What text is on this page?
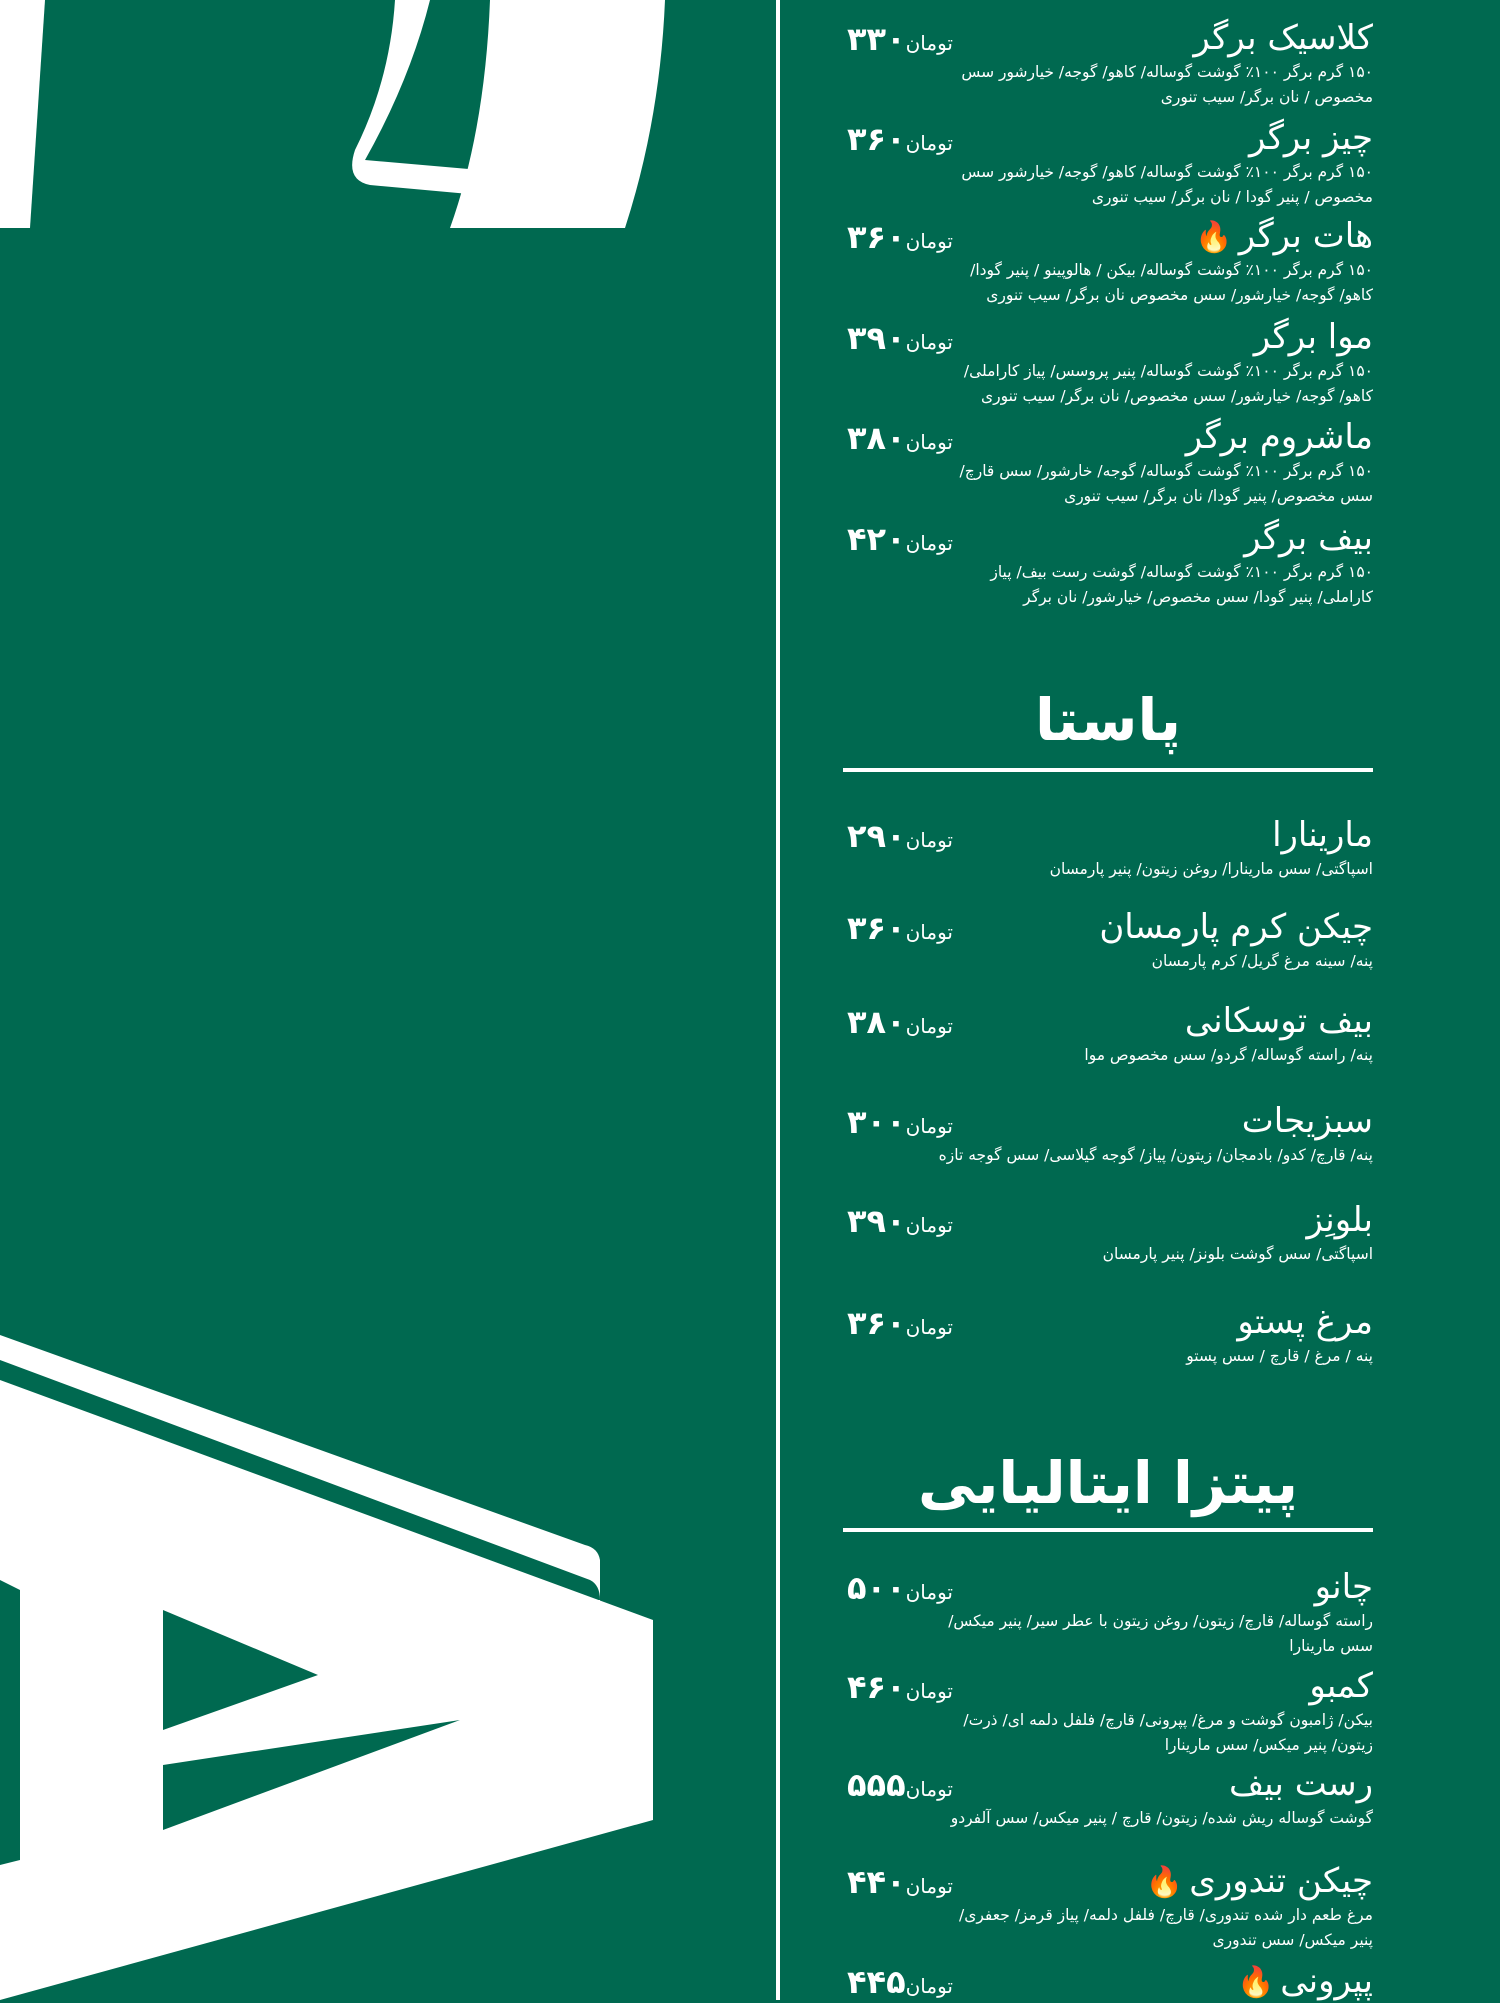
کلاسیک برگر
۱۵۰ گرم برگر ۱۰۰٪ گوشت گوساله/ کاهو/ گوجه/ خیارشور سس مخصوص / نان برگر/ سیب تنوری
تومان۳۳۰
چیز برگر
۱۵۰ گرم برگر ۱۰۰٪ گوشت گوساله/ کاهو/ گوجه/ خیارشور سس مخصوص / پنیر گودا / نان برگر/ سیب تنوری
تومان۳۶۰
هات برگر🔥
۱۵۰ گرم برگر ۱۰۰٪ گوشت گوساله/ بیکن / هالوپینو / پنیر گودا/ کاهو/ گوجه/ خیارشور/ سس مخصوص نان برگر/ سیب تنوری
تومان۳۶۰
موا برگر
۱۵۰ گرم برگر ۱۰۰٪ گوشت گوساله/ پنیر پروسس/ پیاز کاراملی/ کاهو/ گوجه/ خیارشور/ سس مخصوص/ نان برگر/ سیب تنوری
تومان۳۹۰
ماشروم برگر
۱۵۰ گرم برگر ۱۰۰٪ گوشت گوساله/ گوجه/ خارشور/ سس قارچ/ سس مخصوص/ پنیر گودا/ نان برگر/ سیب تنوری
تومان۳۸۰
بیف برگر
۱۵۰ گرم برگر ۱۰۰٪ گوشت گوساله/ گوشت رست بیف/ پیاز کاراملی/ پنیر گودا/ سس مخصوص/ خیارشور/ نان برگر
تومان۴۲۰
پاستا
مارینارا
اسپاگتی/ سس مارینارا/ روغن زیتون/ پنیر پارمسان
تومان۲۹۰
چیکن کرم پارمسان
پنه/ سینه مرغ گریل/ کرم پارمسان
تومان۳۶۰
بیف توسکانی
پنه/ راسته گوساله/ گردو/ سس مخصوص موا
تومان۳۸۰
سبزیجات
پنه/ قارچ/ کدو/ بادمجان/ زیتون/ پیاز/ گوجه گیلاسی/ سس گوجه تازه
تومان۳۰۰
بلونِز
اسپاگتی/ سس گوشت بلونز/ پنیر پارمسان
تومان۳۹۰
مرغ پستو
پنه / مرغ / قارچ / سس پستو
تومان۳۶۰
پیتزا ایتالیایی
چانو
راسته گوساله/ قارچ/ زیتون/ روغن زیتون با عطر سیر/ پنیر میکس/ سس مارینارا
تومان۵۰۰
کمبو
بیکن/ ژامبون گوشت و مرغ/ پپرونی/ قارچ/ فلفل دلمه ای/ ذرت/ زیتون/ پنیر میکس/ سس مارینارا
تومان۴۶۰
رست بیف
گوشت گوساله ریش شده/ زیتون/ قارچ / پنیر میکس/ سس آلفردو
تومان۵۵۵
چیکن تندوری🔥
مرغ طعم دار شده تندوری/ قارچ/ فلفل دلمه/ پیاز قرمز/ جعفری/ پنیر میکس/ سس تندوری
تومان۴۴۰
پپرونی🔥
تومان۴۴۵
